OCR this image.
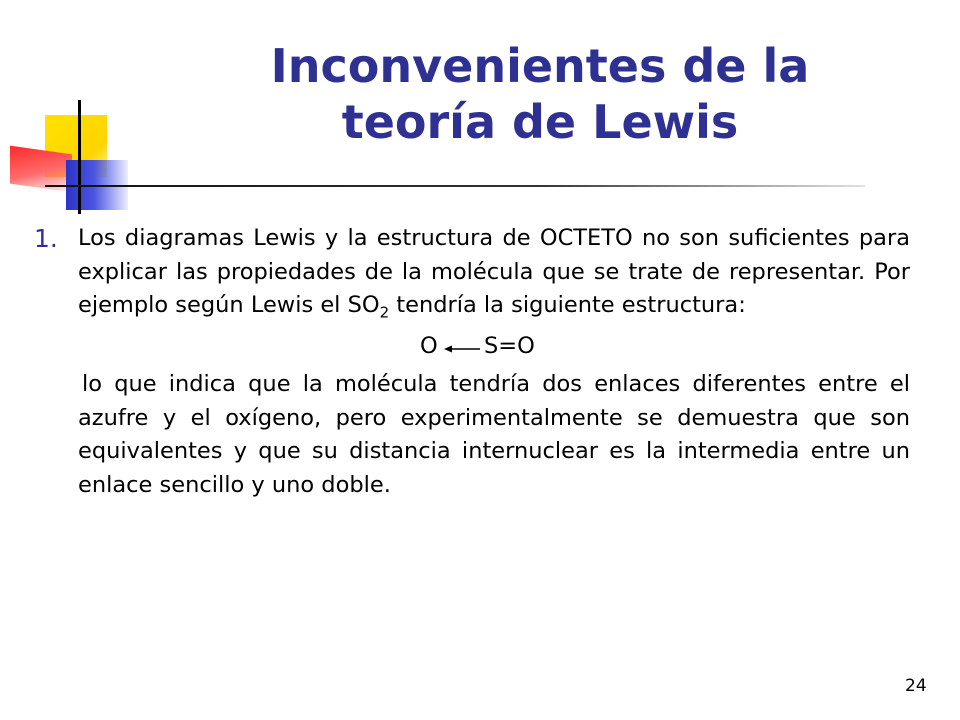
Inconvenientes de la
teoría de Lewis
1. Los diagramas Lewis y la estructura de OCTETO no son suficientes para explicar las propiedades de la molécula que se trate de representar. Por ejemplo según Lewis el $SO_2$ tendría la siguiente estructura:
O S=O
lo que indica que la molécula tendría dos enlaces diferentes entre el azufre y el oxígeno, pero experimentalmente se demuestra que son equivalentes y que su distancia internuclear es la intermedia entre un enlace sencillo y uno doble.
24
